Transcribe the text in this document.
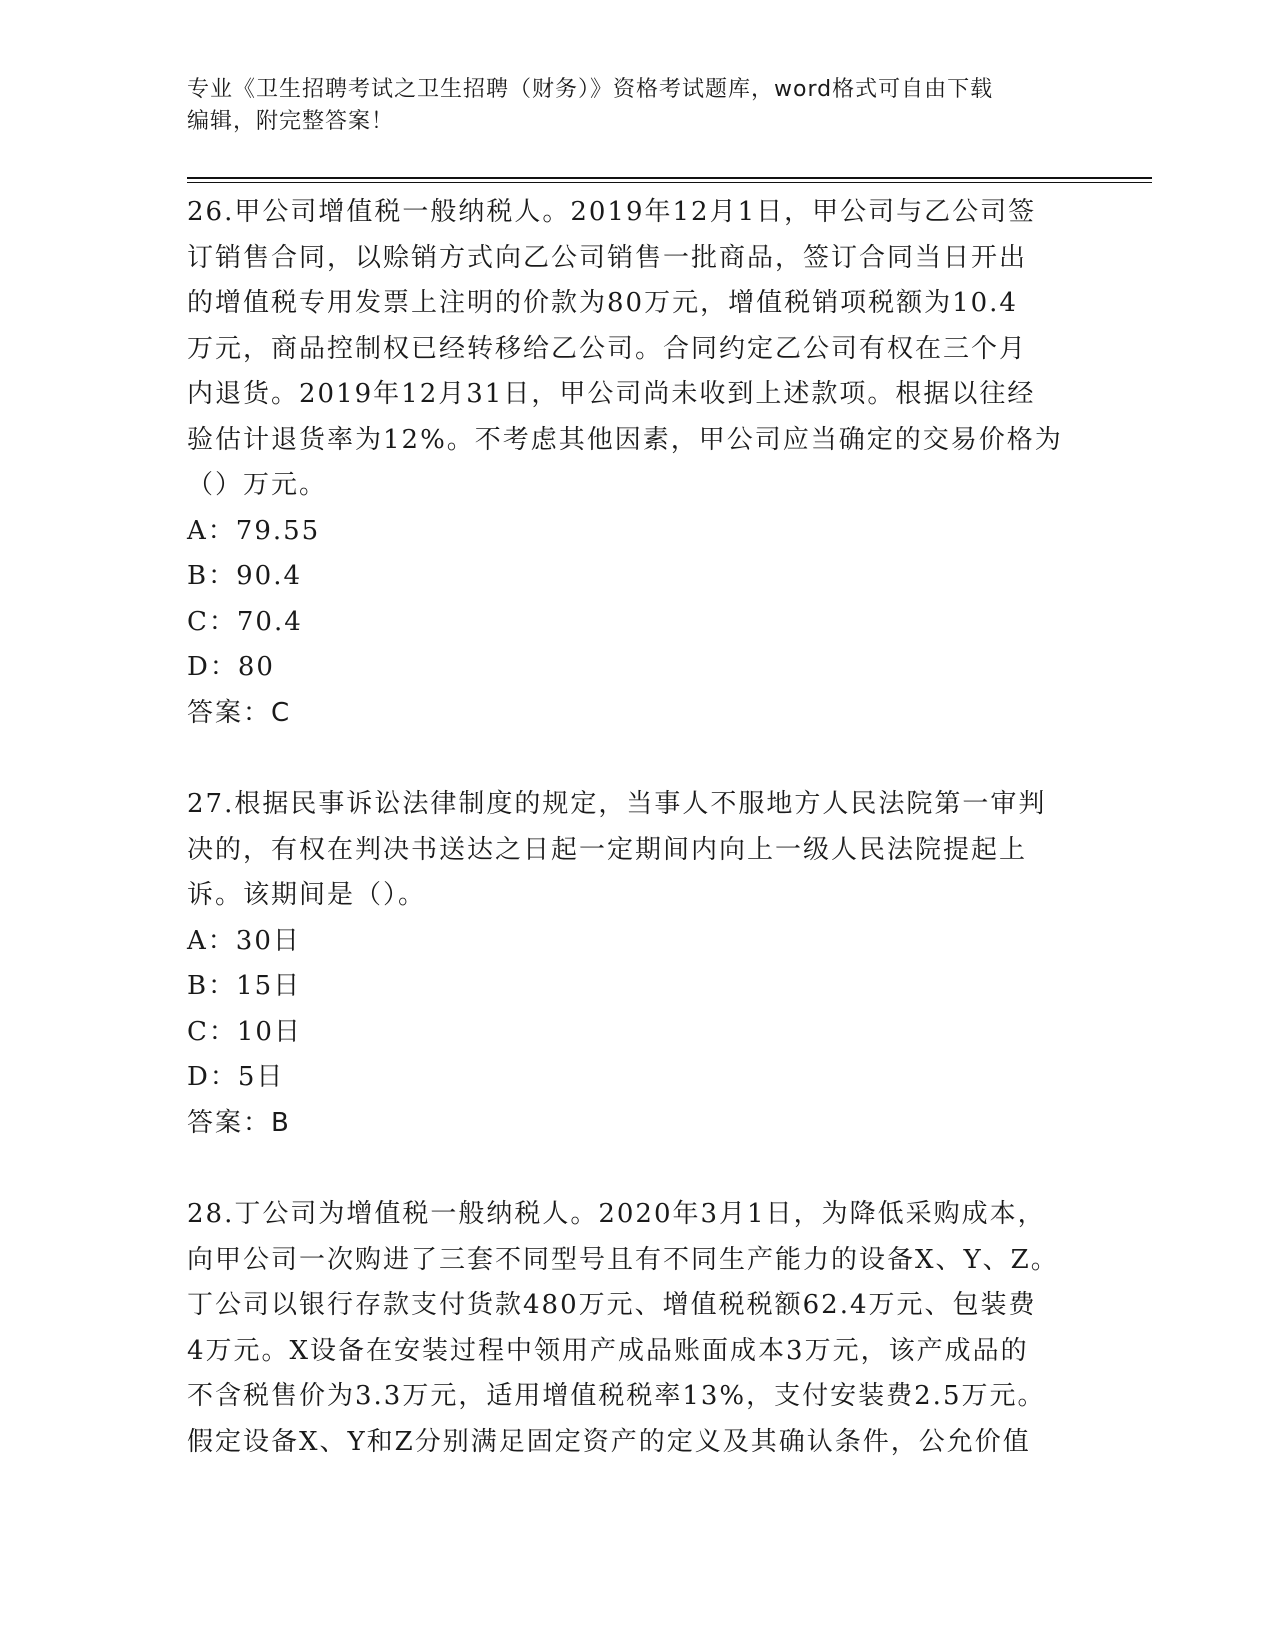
专业《卫生招聘考试之卫生招聘（财务）》资格考试题库，word格式可自由下载
编辑，附完整答案！
26.甲公司增值税一般纳税人。2019年12月1日，甲公司与乙公司签
订销售合同，以赊销方式向乙公司销售一批商品，签订合同当日开出
的增值税专用发票上注明的价款为80万元，增值税销项税额为10.4
万元，商品控制权已经转移给乙公司。合同约定乙公司有权在三个月
内退货。2019年12月31日，甲公司尚未收到上述款项。根据以往经
验估计退货率为12%。不考虑其他因素，甲公司应当确定的交易价格为
（）万元。
A：79.55
B：90.4
C：70.4
D：80
答案：C
27.根据民事诉讼法律制度的规定，当事人不服地方人民法院第一审判
决的，有权在判决书送达之日起一定期间内向上一级人民法院提起上
诉。该期间是（）。
A：30日
B：15日
C：10日
D：5日
答案：B
28.丁公司为增值税一般纳税人。2020年3月1日，为降低采购成本，
向甲公司一次购进了三套不同型号且有不同生产能力的设备X、Y、Z。
丁公司以银行存款支付货款480万元、增值税税额62.4万元、包装费
4万元。X设备在安装过程中领用产成品账面成本3万元，该产成品的
不含税售价为3.3万元，适用增值税税率13%，支付安装费2.5万元。
假定设备X、Y和Z分别满足固定资产的定义及其确认条件，公允价值
